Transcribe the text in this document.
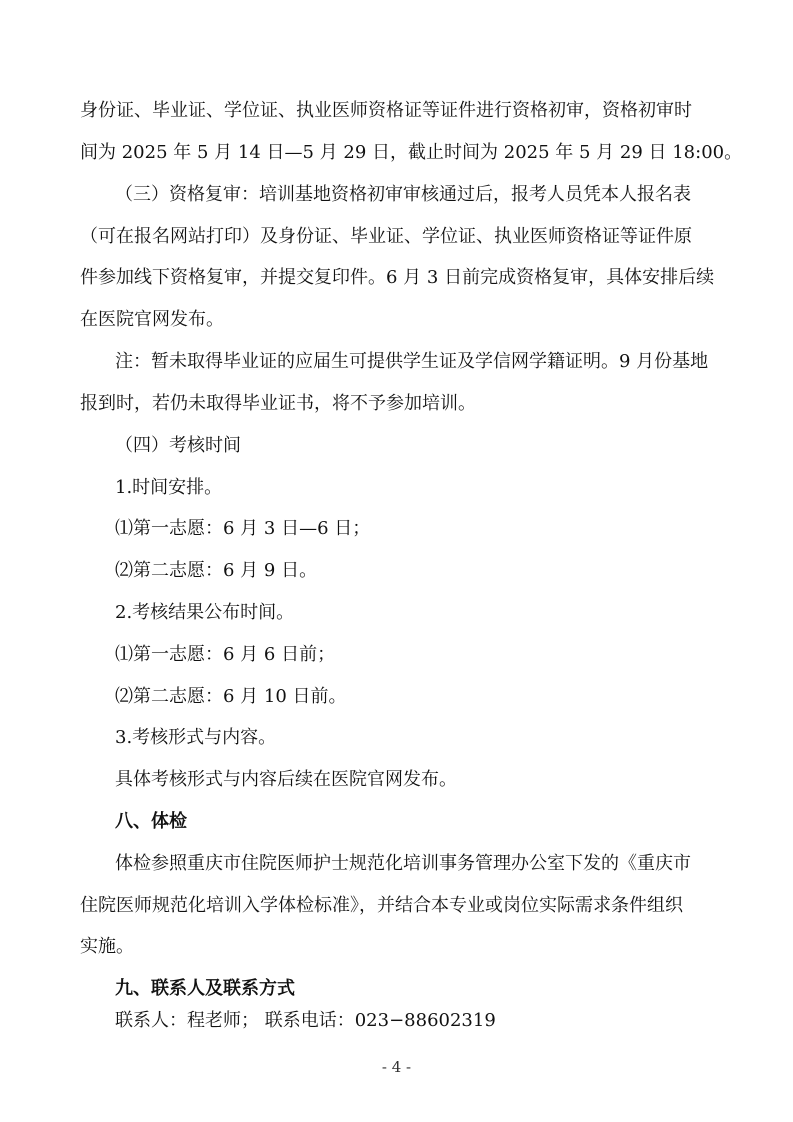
身份证、毕业证、学位证、执业医师资格证等证件进行资格初审，资格初审时
间为 2025 年 5 月 14 日—5 月 29 日，截止时间为 2025 年 5 月 29 日 18:00。
（三）资格复审：培训基地资格初审审核通过后，报考人员凭本人报名表
（可在报名网站打印）及身份证、毕业证、学位证、执业医师资格证等证件原
件参加线下资格复审，并提交复印件。6 月 3 日前完成资格复审，具体安排后续
在医院官网发布。
注：暂未取得毕业证的应届生可提供学生证及学信网学籍证明。9 月份基地
报到时，若仍未取得毕业证书，将不予参加培训。
（四）考核时间
1.时间安排。
⑴第一志愿：6 月 3 日—6 日；
⑵第二志愿：6 月 9 日。
2.考核结果公布时间。
⑴第一志愿：6 月 6 日前；
⑵第二志愿：6 月 10 日前。
3.考核形式与内容。
具体考核形式与内容后续在医院官网发布。
八、体检
体检参照重庆市住院医师护士规范化培训事务管理办公室下发的《重庆市
住院医师规范化培训入学体检标准》，并结合本专业或岗位实际需求条件组织
实施。
九、联系人及联系方式
联系人：程老师； 联系电话：023−88602319
- 4 -
